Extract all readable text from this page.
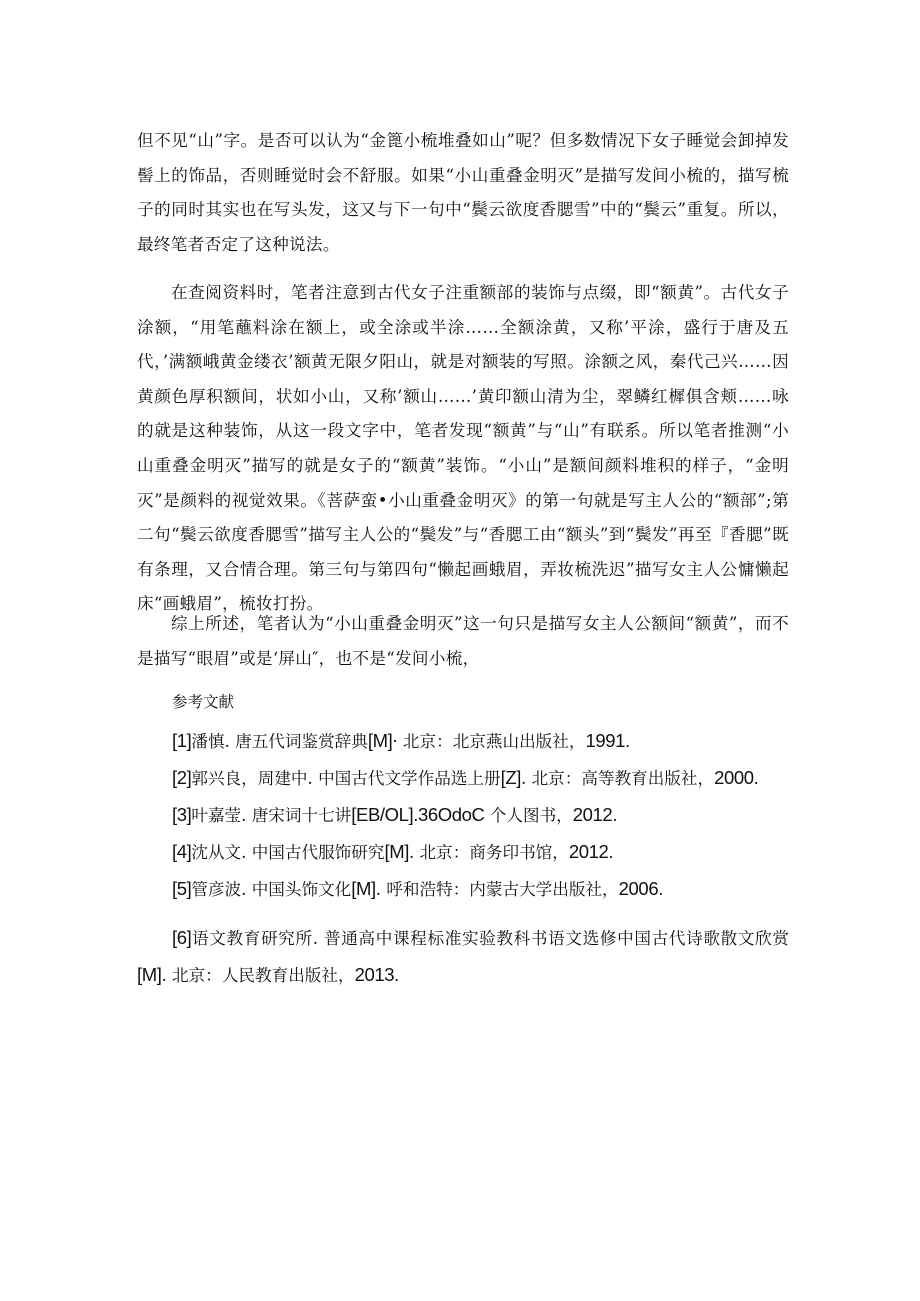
但不见“山”字。是否可以认为“金篦小梳堆叠如山”呢？但多数情况下女子睡觉会卸掉发髻上的饰品，否则睡觉时会不舒服。如果“小山重叠金明灭”是描写发间小梳的，描写梳子的同时其实也在写头发，这又与下一句中“鬓云欲度香腮雪”中的“鬓云”重复。所以，最终笔者否定了这种说法。

在查阅资料时，笔者注意到古代女子注重额部的装饰与点缀，即“额黄”。古代女子涂额，“用笔蘸料涂在额上，或全涂或半涂……全额涂黄，又称’平涂，盛行于唐及五代，’满额峨黄金缕衣’额黄无限夕阳山，就是对额装的写照。涂额之风，秦代己兴……因黄颜色厚积额间，状如小山，又称’额山……’黄印额山清为尘，翠鳞红樨俱含颊……咏的就是这种装饰，从这一段文字中，笔者发现“额黄”与“山”有联系。所以笔者推测“小山重叠金明灭”描写的就是女子的“额黄”装饰。“小山”是额间颜料堆积的样子，“金明灭”是颜料的视觉效果。《菩萨蛮•小山重叠金明灭》的第一句就是写主人公的“额部”;第二句“鬓云欲度香腮雪”描写主人公的“鬓发”与“香腮工由“额头”到“鬓发”再至『香腮”既有条理，又合情合理。第三句与第四句“懒起画蛾眉，弄妆梳洗迟”描写女主人公慵懒起床“画蛾眉”，梳妆打扮。

综上所述，笔者认为“小山重叠金明灭”这一句只是描写女主人公额间“额黄”，而不是描写“眼眉”或是‘屏山″，也不是“发间小梳，

参考文献

[1]潘慎. 唐五代词鉴赏辞典[M]· 北京：北京燕山出版社，1991.

[2]郭兴良，周建中. 中国古代文学作品选上册[Z]. 北京：高等教育出版社，2000.

[3]叶嘉莹. 唐宋词十七讲[EB/OL].36OdoC 个人图书，2012.

[4]沈从文. 中国古代服饰研究[M]. 北京：商务印书馆，2012.

[5]管彦波. 中国头饰文化[M]. 呼和浩特：内蒙古大学出版社，2006.

[6]语文教育研究所. 普通高中课程标准实验教科书语文选修中国古代诗歌散文欣赏[M]. 北京：人民教育出版社，2013.
